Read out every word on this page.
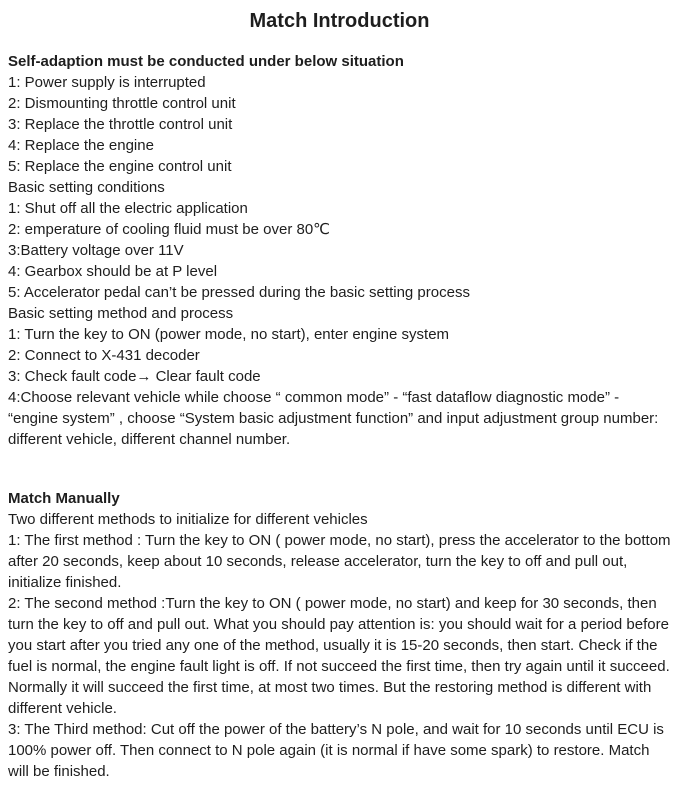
Match Introduction

Self-adaption must be conducted under below situation

1: Power supply is interrupted

2: Dismounting throttle control unit

3: Replace the throttle control unit

4: Replace the engine

5: Replace the engine control unit

Basic setting conditions

1: Shut off all the electric application

2: emperature of cooling fluid must be over 80℃

3:Battery voltage over 11V

4: Gearbox should be at P level

5: Accelerator pedal can’t be pressed during the basic setting process

Basic setting method and process

1: Turn the key to ON (power mode, no start), enter engine system

2: Connect to X-431 decoder

3: Check fault code→ Clear fault code

4:Choose relevant vehicle while choose “ common mode” - “fast dataflow diagnostic mode” - “engine system” , choose “System basic adjustment function” and input adjustment group number: different vehicle, different channel number.

Match Manually

Two different methods to initialize for different vehicles

1: The first method : Turn the key to ON ( power mode, no start), press the accelerator to the bottom after 20 seconds, keep about 10 seconds, release accelerator, turn the key to off and pull out, initialize finished.

2: The second method :Turn the key to ON ( power mode, no start) and keep for 30 seconds, then turn the key to off and pull out. What you should pay attention is: you should wait for a period before you start after you tried any one of the method, usually it is 15-20 seconds, then start. Check if the fuel is normal, the engine fault light is off. If not succeed the first time, then try again until it succeed. Normally it will succeed the first time, at most two times. But the restoring method is different with different vehicle.

3: The Third method: Cut off the power of the battery’s N pole, and wait for 10 seconds until ECU is 100% power off. Then connect to N pole again (it is normal if have some spark) to restore. Match will be finished.
